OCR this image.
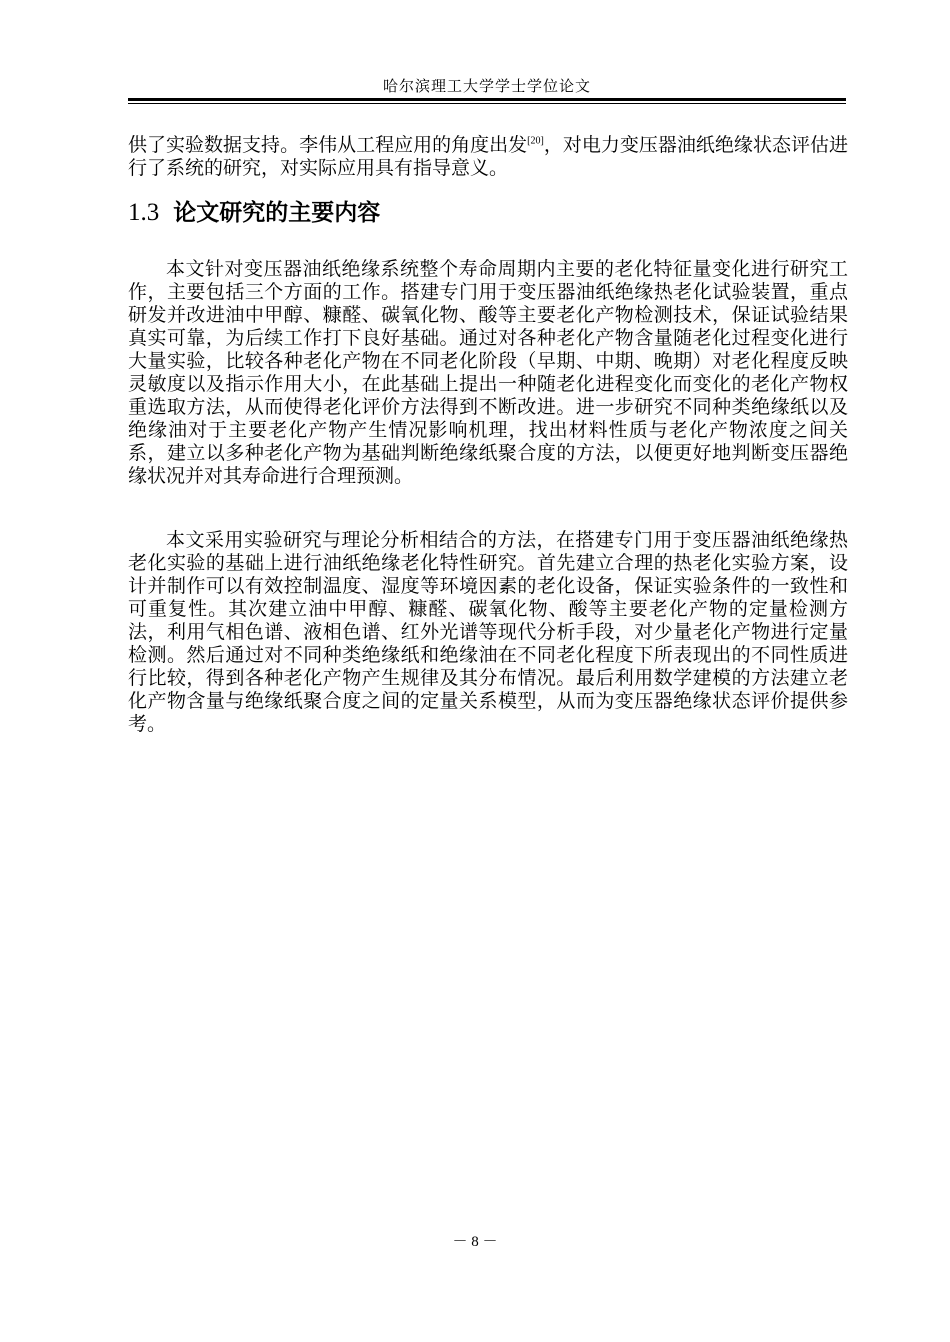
哈尔滨理工大学学士学位论文
供了实验数据支持。李伟从工程应用的角度出发[20]，对电力变压器油纸绝缘状态评估进行了系统的研究，对实际应用具有指导意义。
1.3 论文研究的主要内容
本文针对变压器油纸绝缘系统整个寿命周期内主要的老化特征量变化进行研究工作，主要包括三个方面的工作。搭建专门用于变压器油纸绝缘热老化试验装置，重点研发并改进油中甲醇、糠醛、碳氧化物、酸等主要老化产物检测技术，保证试验结果真实可靠，为后续工作打下良好基础。通过对各种老化产物含量随老化过程变化进行大量实验，比较各种老化产物在不同老化阶段（早期、中期、晚期）对老化程度反映灵敏度以及指示作用大小，在此基础上提出一种随老化进程变化而变化的老化产物权重选取方法，从而使得老化评价方法得到不断改进。进一步研究不同种类绝缘纸以及绝缘油对于主要老化产物产生情况影响机理，找出材料性质与老化产物浓度之间关系，建立以多种老化产物为基础判断绝缘纸聚合度的方法，以便更好地判断变压器绝缘状况并对其寿命进行合理预测。
本文采用实验研究与理论分析相结合的方法，在搭建专门用于变压器油纸绝缘热老化实验的基础上进行油纸绝缘老化特性研究。首先建立合理的热老化实验方案，设计并制作可以有效控制温度、湿度等环境因素的老化设备，保证实验条件的一致性和可重复性。其次建立油中甲醇、糠醛、碳氧化物、酸等主要老化产物的定量检测方法，利用气相色谱、液相色谱、红外光谱等现代分析手段，对少量老化产物进行定量检测。然后通过对不同种类绝缘纸和绝缘油在不同老化程度下所表现出的不同性质进行比较，得到各种老化产物产生规律及其分布情况。最后利用数学建模的方法建立老化产物含量与绝缘纸聚合度之间的定量关系模型，从而为变压器绝缘状态评价提供参考。
－ 8 －
